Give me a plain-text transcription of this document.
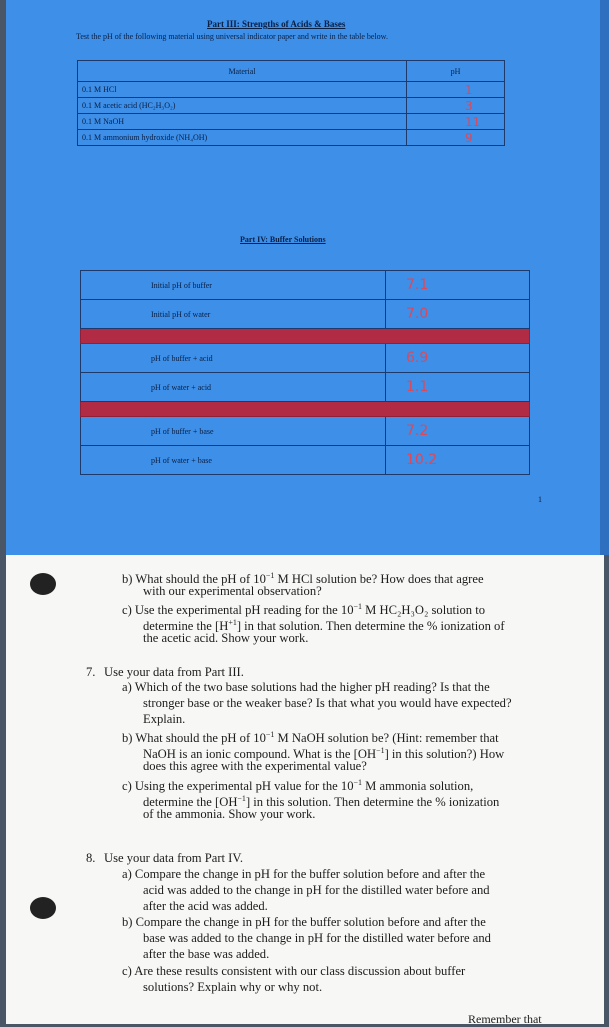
Part III: Strengths of Acids & Bases
Test the pH of the following material using universal indicator paper and write in the table below.
Material	pH
0.1 M HCl	1
0.1 M acetic acid (HC₂H₃O₂)	3
0.1 M NaOH	11
0.1 M ammonium hydroxide (NH₄OH)	9
Part IV: Buffer Solutions
Initial pH of buffer	7.1
Initial pH of water	7.0

pH of buffer + acid	6.9
pH of water + acid	1.1

pH of buffer + base	7.2
pH of water + base	10.2
1
b) What should the pH of $10^{-1}$ M HCl solution be? How does that agree
with our experimental observation?
c) Use the experimental pH reading for the $10^{-1}$ M HC₂H₃O₂ solution to
determine the $[H^{+1}]$ in that solution. Then determine the % ionization of
the acetic acid. Show your work.
7. Use your data from Part III.
a) Which of the two base solutions had the higher pH reading? Is that the
stronger base or the weaker base? Is that what you would have expected?
Explain.
b) What should the pH of $10^{-1}$ M NaOH solution be? (Hint: remember that
NaOH is an ionic compound. What is the $[OH^{-1}]$ in this solution?) How
does this agree with the experimental value?
c) Using the experimental pH value for the $10^{-1}$ M ammonia solution,
determine the $[OH^{-1}]$ in this solution. Then determine the % ionization
of the ammonia. Show your work.
8. Use your data from Part IV.
a) Compare the change in pH for the buffer solution before and after the
acid was added to the change in pH for the distilled water before and
after the acid was added.
b) Compare the change in pH for the buffer solution before and after the
base was added to the change in pH for the distilled water before and
after the base was added.
c) Are these results consistent with our class discussion about buffer
solutions? Explain why or why not.
Remember that
